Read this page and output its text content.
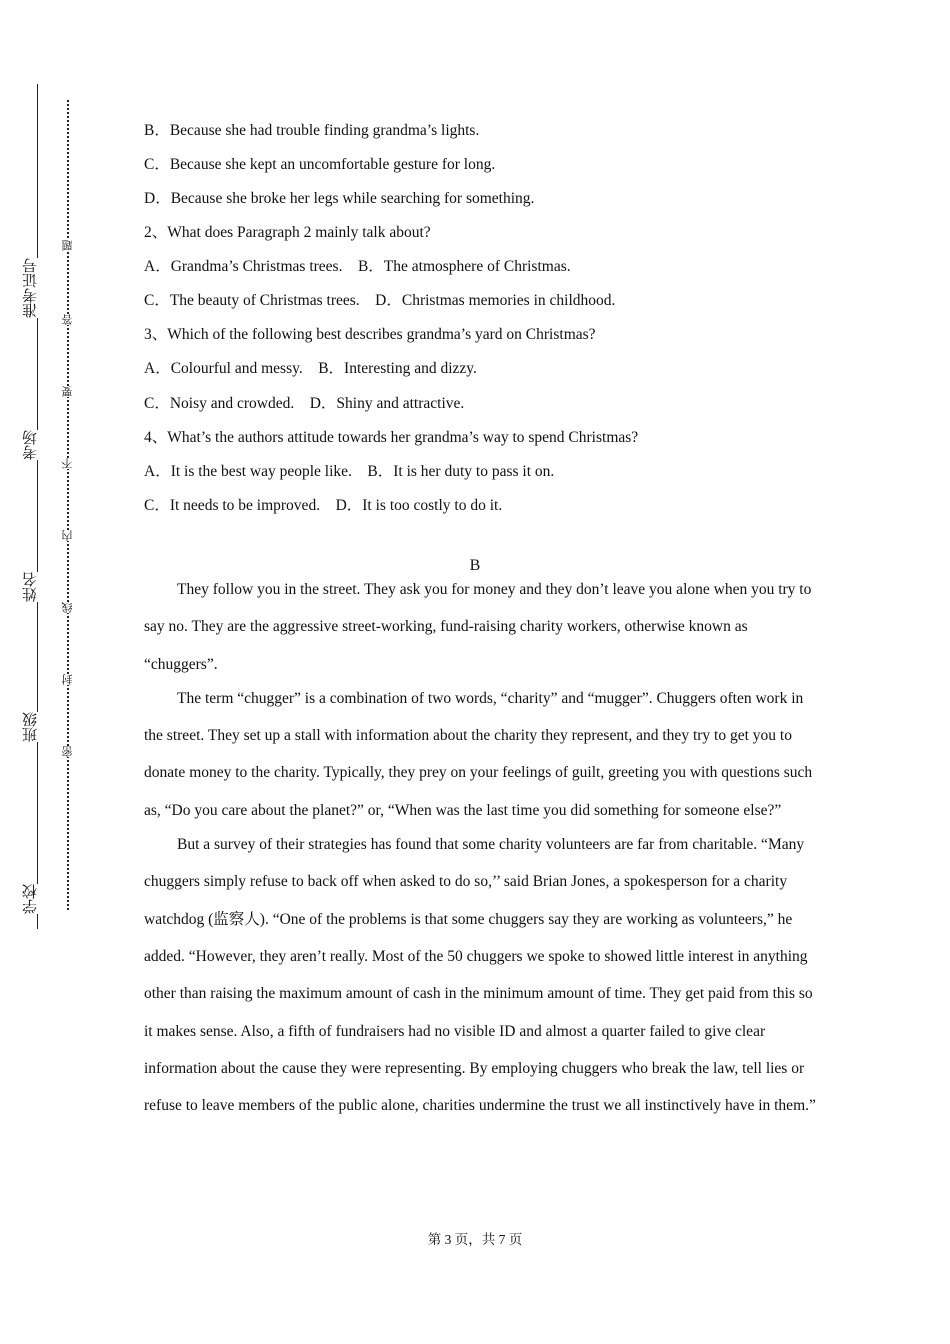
准考证号
考场
姓名
班级
学校
题
答
要
不
内
线
封
密
B．Because she had trouble finding grandma’s lights.
C．Because she kept an uncomfortable gesture for long.
D．Because she broke her legs while searching for something.
2、What does Paragraph 2 mainly talk about?
A．Grandma’s Christmas trees.　B．The atmosphere of Christmas.
C．The beauty of Christmas trees.　D．Christmas memories in childhood.
3、Which of the following best describes grandma’s yard on Christmas?
A．Colourful and messy.　B．Interesting and dizzy.
C．Noisy and crowded.　D．Shiny and attractive.
4、What’s the authors attitude towards her grandma’s way to spend Christmas?
A．It is the best way people like.　B．It is her duty to pass it on.
C．It needs to be improved.　D．It is too costly to do it.
B

They follow you in the street. They ask you for money and they don’t leave you alone when you try to say no. They are the aggressive street-working, fund-raising charity workers, otherwise known as “chuggers”.

The term “chugger” is a combination of two words, “charity” and “mugger”. Chuggers often work in the street. They set up a stall with information about the charity they represent, and they try to get you to donate money to the charity. Typically, they prey on your feelings of guilt, greeting you with questions such as, “Do you care about the planet?” or, “When was the last time you did something for someone else?”

But a survey of their strategies has found that some charity volunteers are far from charitable. “Many chuggers simply refuse to back off when asked to do so,’’ said Brian Jones, a spokesperson for a charity watchdog (监察人). “One of the problems is that some chuggers say they are working as volunteers,” he added. “However, they aren’t really. Most of the 50 chuggers we spoke to showed little interest in anything other than raising the maximum amount of cash in the minimum amount of time. They get paid from this so it makes sense. Also, a fifth of fundraisers had no visible ID and almost a quarter failed to give clear information about the cause they were representing. By employing chuggers who break the law, tell lies or refuse to leave members of the public alone, charities undermine the trust we all instinctively have in them.”

第 3 页，共 7 页
